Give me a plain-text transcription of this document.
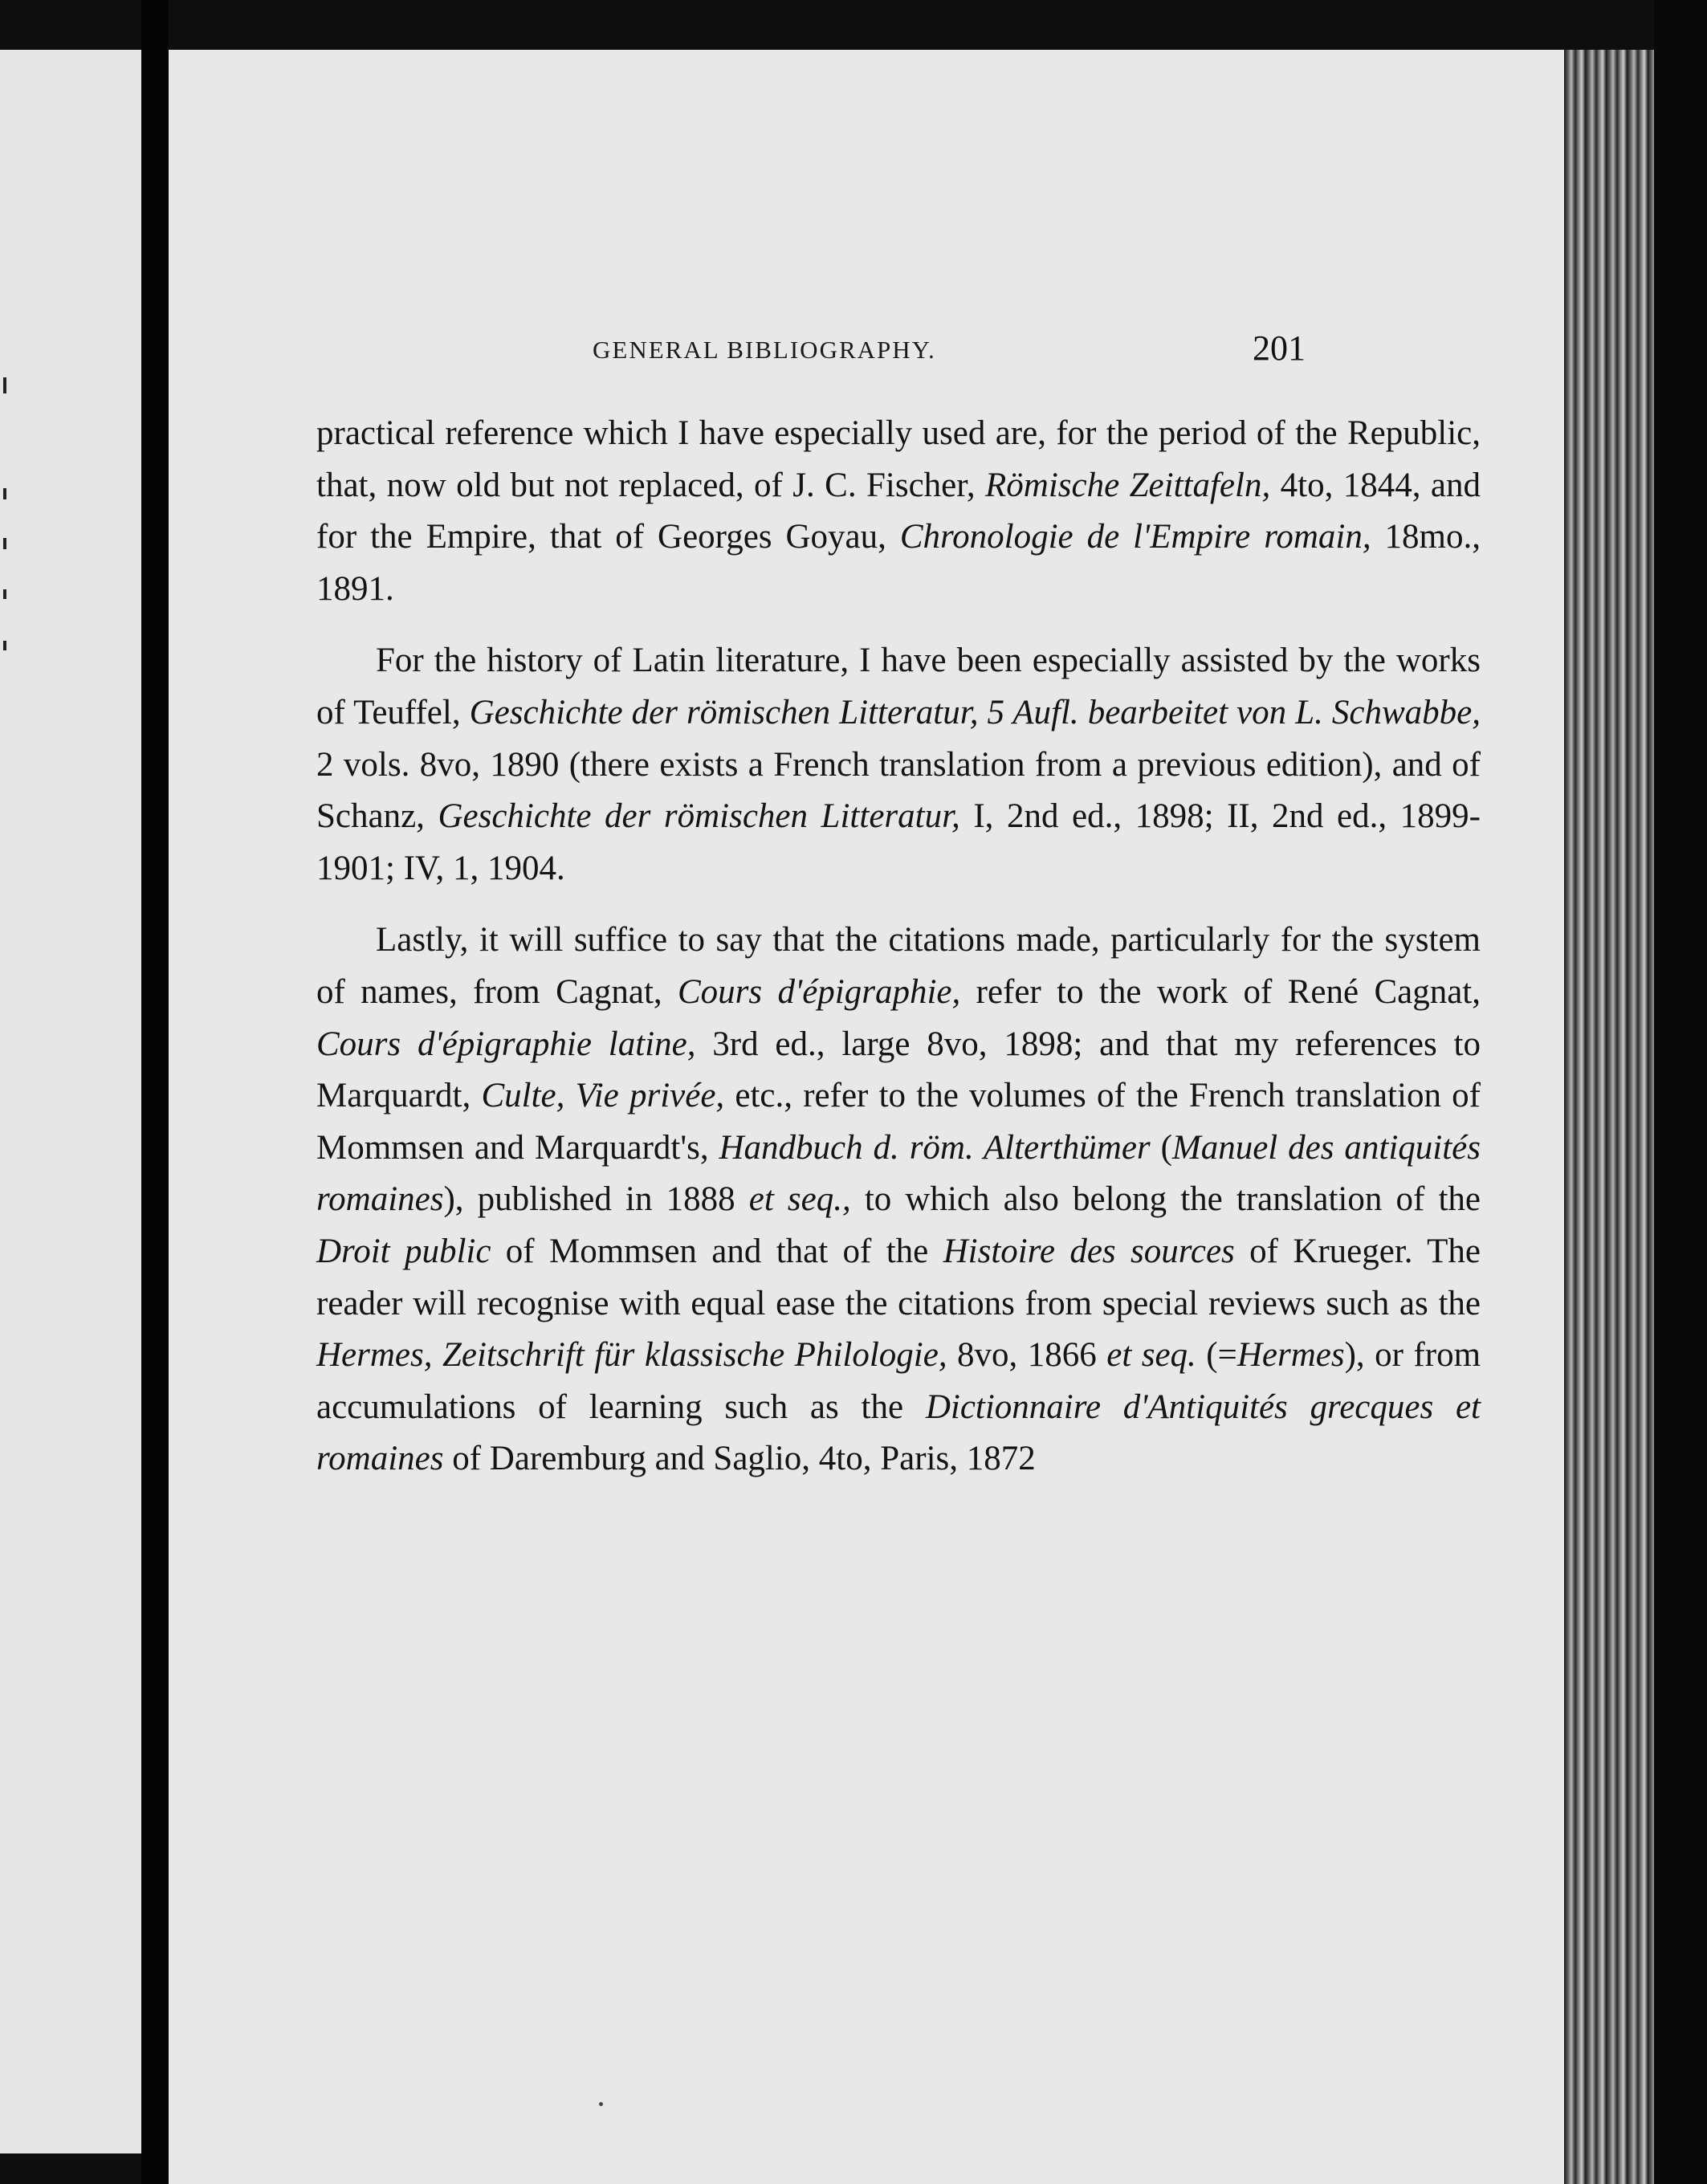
GENERAL BIBLIOGRAPHY.	201

practical reference which I have especially used are, for the period of the Republic, that, now old but not replaced, of J. C. Fischer, Römische Zeittafeln, 4to, 1844, and for the Empire, that of Georges Goyau, Chronologie de l'Empire romain, 18mo., 1891.

For the history of Latin literature, I have been especially assisted by the works of Teuffel, Geschichte der römischen Litteratur, 5 Aufl. bearbeitet von L. Schwabbe, 2 vols. 8vo, 1890 (there exists a French translation from a previous edition), and of Schanz, Geschichte der römischen Litteratur, I, 2nd ed., 1898; II, 2nd ed., 1899-1901; IV, 1, 1904.

Lastly, it will suffice to say that the citations made, particularly for the system of names, from Cagnat, Cours d'épigraphie, refer to the work of René Cagnat, Cours d'épigraphie latine, 3rd ed., large 8vo, 1898; and that my references to Marquardt, Culte, Vie privée, etc., refer to the volumes of the French translation of Mommsen and Marquardt's, Handbuch d. röm. Alterthümer (Manuel des antiquités romaines), published in 1888 et seq., to which also belong the translation of the Droit public of Mommsen and that of the Histoire des sources of Krueger. The reader will recognise with equal ease the citations from special reviews such as the Hermes, Zeitschrift für klassische Philologie, 8vo, 1866 et seq. (=Hermes), or from accumulations of learning such as the Dictionnaire d'Antiquités grecques et romaines of Daremburg and Saglio, 4to, Paris, 1872
